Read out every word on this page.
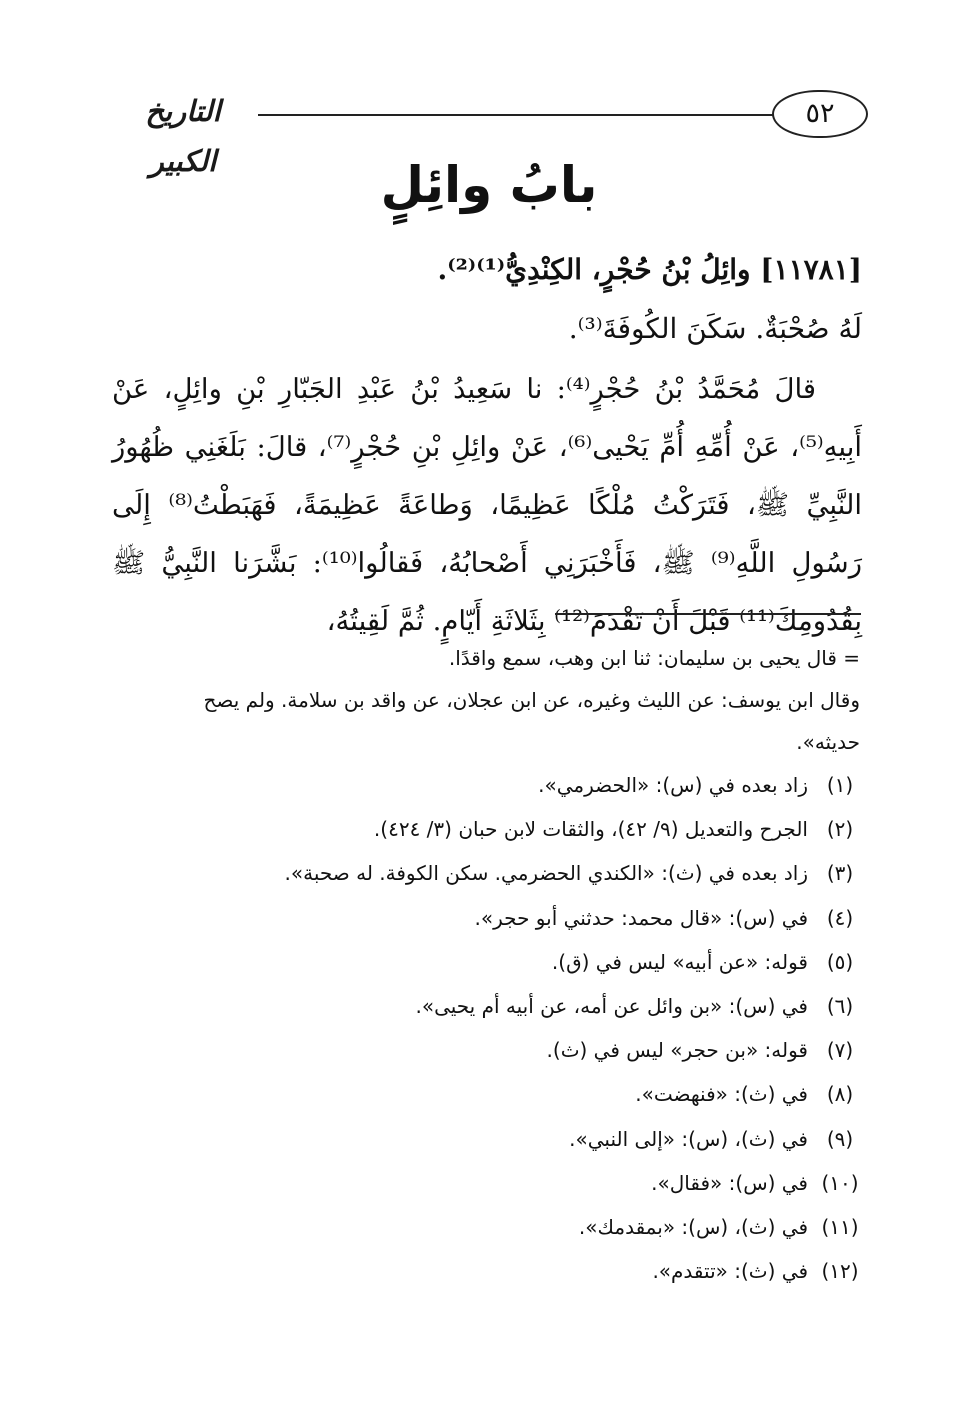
التاريخ الكبير
٥٢
بابُ وائِلٍ
[١١٧٨١] وائِلُ بْنُ حُجْرٍ، الكِنْدِيُّ⁽¹⁾⁽²⁾.
لَهُ صُحْبَةٌ. سَكَنَ الكُوفَةَ⁽³⁾.
قالَ مُحَمَّدُ بْنُ حُجْرٍ⁽⁴⁾: نا سَعِيدُ بْنُ عَبْدِ الجَبّارِ بْنِ وائِلٍ، عَنْ أَبِيهِ⁽⁵⁾، عَنْ أُمِّهِ أُمِّ يَحْيى⁽⁶⁾، عَنْ وائِلِ بْنِ حُجْرٍ⁽⁷⁾، قالَ: بَلَغَنِي ظُهُورُ النَّبِيِّ ﷺ، فَتَرَكْتُ مُلْكًا عَظِيمًا، وَطاعَةً عَظِيمَةً، فَهَبَطْتُ⁽⁸⁾ إِلَى رَسُولِ اللَّهِ⁽⁹⁾ ﷺ، فَأَخْبَرَنِي أَصْحابُهُ، فَقالُوا⁽¹⁰⁾: بَشَّرَنا النَّبِيُّ ﷺ بِقُدُومِكَ⁽¹¹⁾ قَبْلَ أَنْ تَقْدَمَ⁽¹²⁾ بِثَلاثَةِ أَيّامٍ. ثُمَّ لَقِيتُهُ،

= قال يحيى بن سليمان: ثنا ابن وهب، سمع واقدًا.

وقال ابن يوسف: عن الليث وغيره، عن ابن عجلان، عن واقد بن سلامة. ولم يصح

حديثه».

(١)
زاد بعده في (س): «الحضرمي».
(٢)
الجرح والتعديل (٩/ ٤٢)، والثقات لابن حبان (٣/ ٤٢٤).
(٣)
زاد بعده في (ث): «الكندي الحضرمي. سكن الكوفة. له صحبة».
(٤)
في (س): «قال محمد: حدثني أبو حجر».
(٥)
قوله: «عن أبيه» ليس في (ق).
(٦)
في (س): «بن وائل عن أمه، عن أبيه أم يحيى».
(٧)
قوله: «بن حجر» ليس في (ث).
(٨)
في (ث): «فنهضت».
(٩)
في (ث)، (س): «إلى النبي».
(١٠)
في (س): «فقال».
(١١)
في (ث)، (س): «بمقدمك».
(١٢)
في (ث): «تتقدم».
